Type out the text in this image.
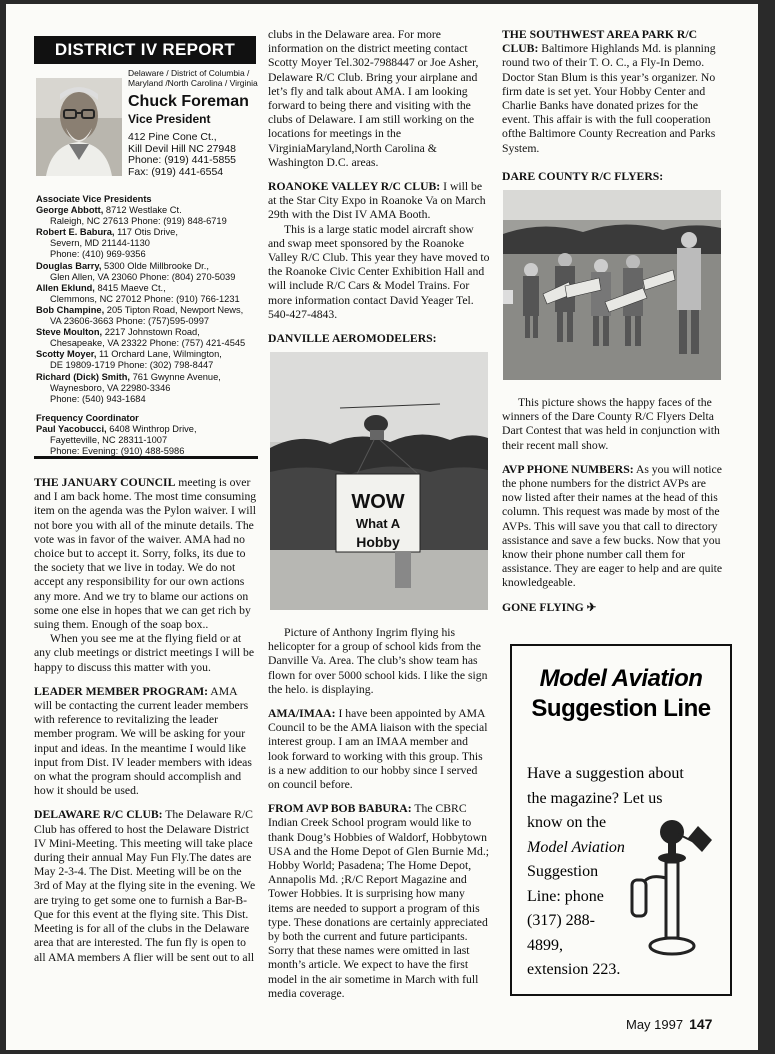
DISTRICT IV REPORT
Delaware / District of Columbia / Maryland /North Carolina / Virginia
Chuck Foreman
Vice President
412 Pine Cone Ct.,
Kill Devil Hill NC 27948
Phone: (919) 441-5855
Fax: (919) 441-6554
Associate Vice Presidents
George Abbott, 8712 Westlake Ct.
Raleigh, NC 27613 Phone: (919) 848-6719
Robert E. Babura, 117 Otis Drive,
Severn, MD 21144-1130
Phone: (410) 969-9356
Douglas Barry, 5300 Olde Millbrooke Dr.,
Glen Allen, VA 23060 Phone: (804) 270-5039
Allen Eklund, 8415 Maeve Ct.,
Clemmons, NC 27012 Phone: (910) 766-1231
Bob Champine, 205 Tipton Road, Newport News,
VA 23606-3663 Phone: (757)595-0997
Steve Moulton, 2217 Johnstown Road,
Chesapeake, VA 23322 Phone: (757) 421-4545
Scotty Moyer, 11 Orchard Lane, Wilmington,
DE 19809-1719 Phone: (302) 798-8447
Richard (Dick) Smith, 761 Gwynne Avenue,
Waynesboro, VA 22980-3346
Phone: (540) 943-1684
Frequency Coordinator
Paul Yacobucci, 6408 Winthrop Drive,
Fayetteville, NC 28311-1007
Phone: Evening: (910) 488-5986

THE JANUARY COUNCIL meeting is over and I am back home. The most time consuming item on the agenda was the Pylon waiver. I will not bore you with all of the minute details. The vote was in favor of the waiver. AMA had no choice but to accept it. Sorry, folks, its due to the society that we live in today. We do not accept any responsibility for our own actions any more. And we try to blame our actions on some one else in hopes that we can get rich by suing them. Enough of the soap box..

When you see me at the flying field or at any club meetings or district meetings I will be happy to discuss this matter with you.

LEADER MEMBER PROGRAM: AMA will be contacting the current leader members with reference to revitalizing the leader member program. We will be asking for your input and ideas. In the meantime I would like input from Dist. IV leader members with ideas on what the program should accomplish and how it should be used.

DELAWARE R/C CLUB: The Delaware R/C Club has offered to host the Delaware District IV Mini-Meeting. This meeting will take place during their annual May Fun Fly.The dates are May 2-3-4. The Dist. Meeting will be on the 3rd of May at the flying site in the evening. We are trying to get some one to furnish a Bar-B-Que for this event at the flying site. This Dist. Meeting is for all of the clubs in the Delaware area that are interested. The fun fly is open to all AMA members A flier will be sent out to all

clubs in the Delaware area. For more information on the district meeting contact Scotty Moyer Tel.302-7988447 or Joe Asher, Delaware R/C Club. Bring your airplane and let’s fly and talk about AMA. I am looking forward to being there and visiting with the clubs of Delaware. I am still working on the locations for meetings in the VirginiaMaryland,North Carolina & Washington D.C. areas.

ROANOKE VALLEY R/C CLUB: I will be at the Star City Expo in Roanoke Va on March 29th with the Dist IV AMA Booth.

This is a large static model aircraft show and swap meet sponsored by the Roanoke Valley R/C Club. This year they have moved to the Roanoke Civic Center Exhibition Hall and will include R/C Cars & Model Trains. For more information contact David Yeager Tel. 540-427-4843.

DANVILLE AEROMODELERS:

WOW
What A
Hobby

Picture of Anthony Ingrim flying his helicopter for a group of school kids from the Danville Va. Area. The club’s show team has flown for over 5000 school kids. I like the sign the helo. is displaying.

AMA/IMAA: I have been appointed by AMA Council to be the AMA liaison with the special interest group. I am an IMAA member and look forward to working with this group. This is a new addition to our hobby since I served on council before.

FROM AVP BOB BABURA: The CBRC Indian Creek School program would like to thank Doug’s Hobbies of Waldorf, Hobbytown USA and the Home Depot of Glen Burnie Md.; Hobby World; Pasadena; The Home Depot, Annapolis Md. ;R/C Report Magazine and Tower Hobbies. It is surprising how many items are needed to support a program of this type. These donations are certainly appreciated by both the current and future participants. Sorry that these names were omitted in last month’s article. We expect to have the first model in the air sometime in March with full media coverage.

THE SOUTHWEST AREA PARK R/C CLUB: Baltimore Highlands Md. is planning round two of their T. O. C., a Fly-In Demo. Doctor Stan Blum is this year’s organizer. No firm date is set yet. Your Hobby Center and Charlie Banks have donated prizes for the event. This affair is with the full cooperation ofthe Baltimore County Recreation and Parks System.

DARE COUNTY R/C FLYERS:

This picture shows the happy faces of the winners of the Dare County R/C Flyers Delta Dart Contest that was held in conjunction with their recent mall show.

AVP PHONE NUMBERS: As you will notice the phone numbers for the district AVPs are now listed after their names at the head of this column. This request was made by most of the AVPs. This will save you that call to directory assistance and save a few bucks. Now that you know their phone number call them for assistance. They are eager to help and are quite knowledgeable.

GONE FLYING ✈

Model Aviation
Suggestion Line
Have a suggestion about
the magazine? Let us
know on the
Model Aviation
Suggestion
Line: phone
(317) 288-
4899,
extension 223.
May 1997 147
